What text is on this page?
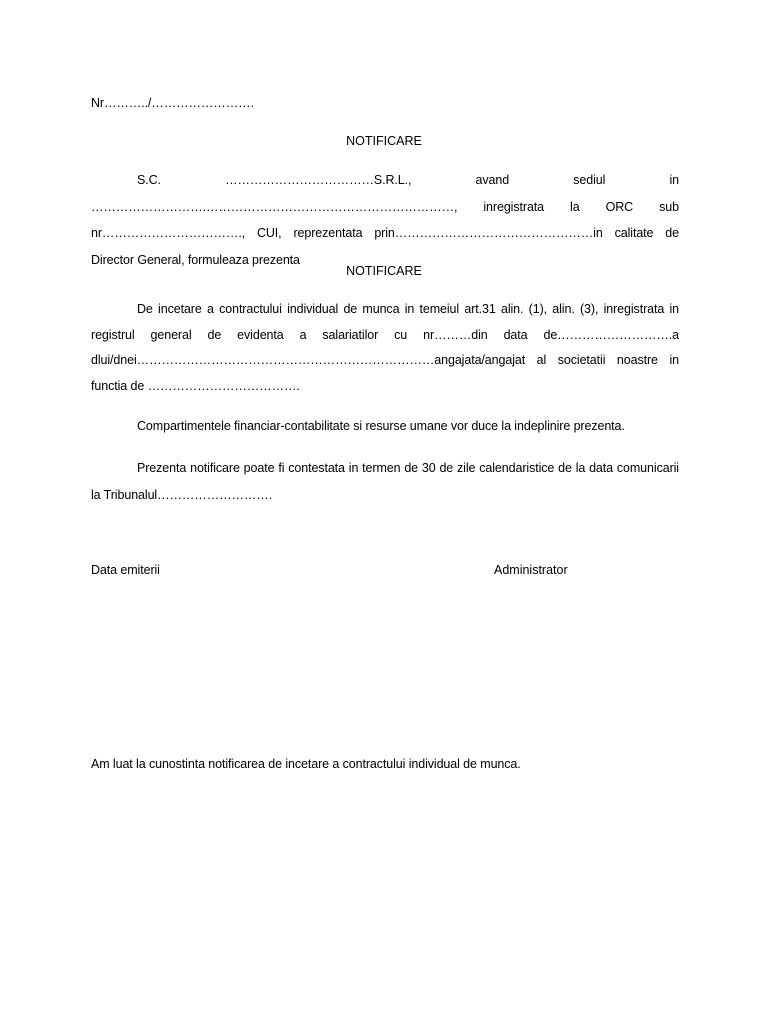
Nr………../…………………….
NOTIFICARE

S.C. ………………………………S.R.L., avand sediul in ……………………….……………………………………………………, inregistrata la ORC sub nr……………………………., CUI, reprezentata prin…………………………………………in calitate de Director General, formuleaza prezenta

NOTIFICARE

De incetare a contractului individual de munca in temeiul art.31 alin. (1), alin. (3), inregistrata in registrul general de evidenta a salariatilor cu nr………din data de……………………….a dlui/dnei………………………………………………………………angajata/angajat al societatii noastre in functia de ……………………………….

Compartimentele financiar-contabilitate si resurse umane vor duce la indeplinire prezenta.

Prezenta notificare poate fi contestata in termen de 30 de zile calendaristice de la data comunicarii la Tribunalul……………………….

Data emiterii	Administrator
Am luat la cunostinta notificarea de incetare a contractului individual de munca.
